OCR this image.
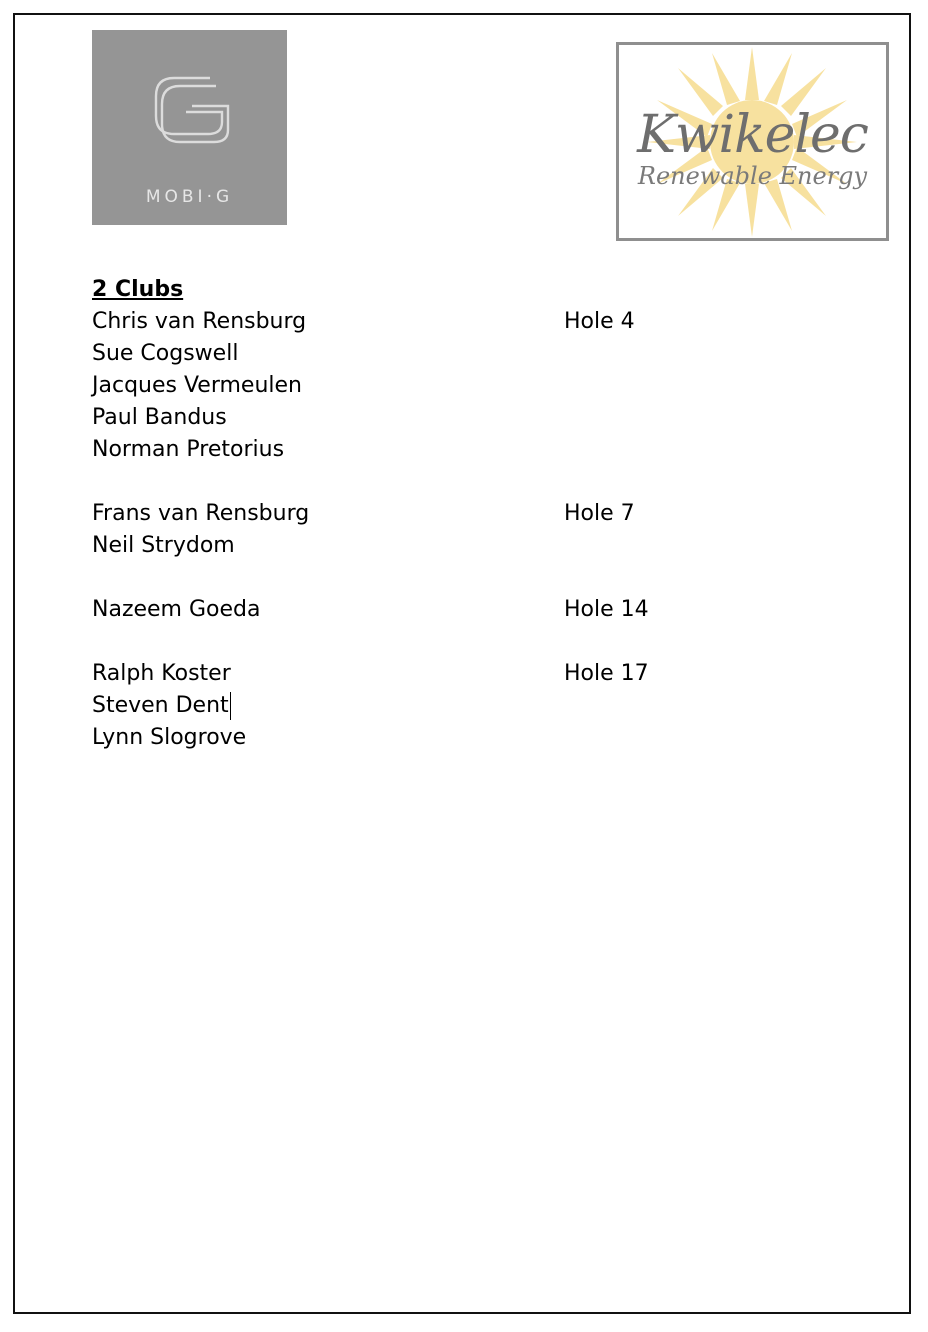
MOBI·G
Kwikelec
Renewable Energy
2 Clubs
Chris van Rensburg	Hole 4
Sue Cogswell
Jacques Vermeulen
Paul Bandus
Norman Pretorius
Frans van Rensburg	Hole 7
Neil Strydom
Nazeem Goeda	Hole 14
Ralph Koster	Hole 17
Steven Dent
Lynn Slogrove
